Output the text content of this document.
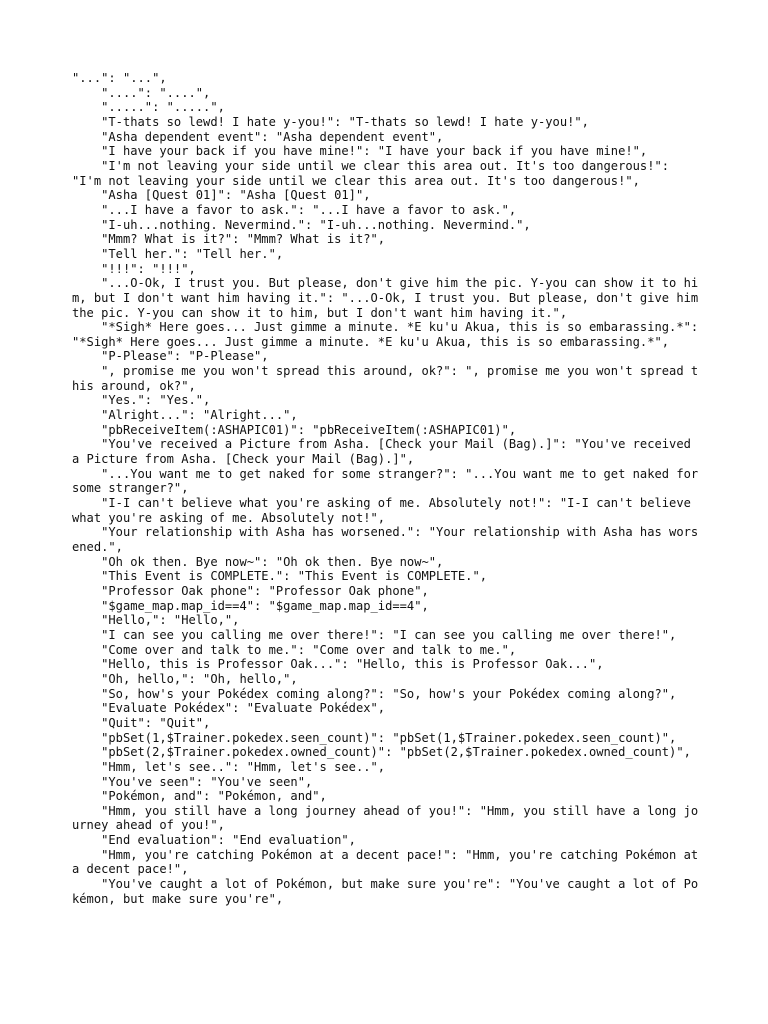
"...": "...",
"....": "....",
".....": ".....",
"T-thats so lewd! I hate y-you!": "T-thats so lewd! I hate y-you!",
"Asha dependent event": "Asha dependent event",
"I have your back if you have mine!": "I have your back if you have mine!",
"I'm not leaving your side until we clear this area out. It's too dangerous!": "I'm not leaving your side until we clear this area out. It's too dangerous!",
"Asha [Quest 01]": "Asha [Quest 01]",
"...I have a favor to ask.": "...I have a favor to ask.",
"I-uh...nothing. Nevermind.": "I-uh...nothing. Nevermind.",
"Mmm? What is it?": "Mmm? What is it?",
"Tell her.": "Tell her.",
"!!!": "!!!",
"...O-Ok, I trust you. But please, don't give him the pic. Y-you can show it to him, but I don't want him having it.": "...O-Ok, I trust you. But please, don't give him the pic. Y-you can show it to him, but I don't want him having it.",
"*Sigh* Here goes... Just gimme a minute. *E ku'u Akua, this is so embarassing.*": "*Sigh* Here goes... Just gimme a minute. *E ku'u Akua, this is so embarassing.*",
"P-Please": "P-Please",
", promise me you won't spread this around, ok?": ", promise me you won't spread this around, ok?",
"Yes.": "Yes.",
"Alright...": "Alright...",
"pbReceiveItem(:ASHAPIC01)": "pbReceiveItem(:ASHAPIC01)",
"You've received a Picture from Asha. [Check your Mail (Bag).]": "You've received a Picture from Asha. [Check your Mail (Bag).]",
"...You want me to get naked for some stranger?": "...You want me to get naked for some stranger?",
"I-I can't believe what you're asking of me. Absolutely not!": "I-I can't believe what you're asking of me. Absolutely not!",
"Your relationship with Asha has worsened.": "Your relationship with Asha has worsened.",
"Oh ok then. Bye now~": "Oh ok then. Bye now~",
"This Event is COMPLETE.": "This Event is COMPLETE.",
"Professor Oak phone": "Professor Oak phone",
"$game_map.map_id==4": "$game_map.map_id==4",
"Hello,": "Hello,",
"I can see you calling me over there!": "I can see you calling me over there!",
"Come over and talk to me.": "Come over and talk to me.",
"Hello, this is Professor Oak...": "Hello, this is Professor Oak...",
"Oh, hello,": "Oh, hello,",
"So, how's your Pokédex coming along?": "So, how's your Pokédex coming along?",
"Evaluate Pokédex": "Evaluate Pokédex",
"Quit": "Quit",
"pbSet(1,$Trainer.pokedex.seen_count)": "pbSet(1,$Trainer.pokedex.seen_count)",
"pbSet(2,$Trainer.pokedex.owned_count)": "pbSet(2,$Trainer.pokedex.owned_count)",
"Hmm, let's see..": "Hmm, let's see..",
"You've seen": "You've seen",
"Pokémon, and": "Pokémon, and",
"Hmm, you still have a long journey ahead of you!": "Hmm, you still have a long journey ahead of you!",
"End evaluation": "End evaluation",
"Hmm, you're catching Pokémon at a decent pace!": "Hmm, you're catching Pokémon at a decent pace!",
"You've caught a lot of Pokémon, but make sure you're": "You've caught a lot of Pokémon, but make sure you're",
